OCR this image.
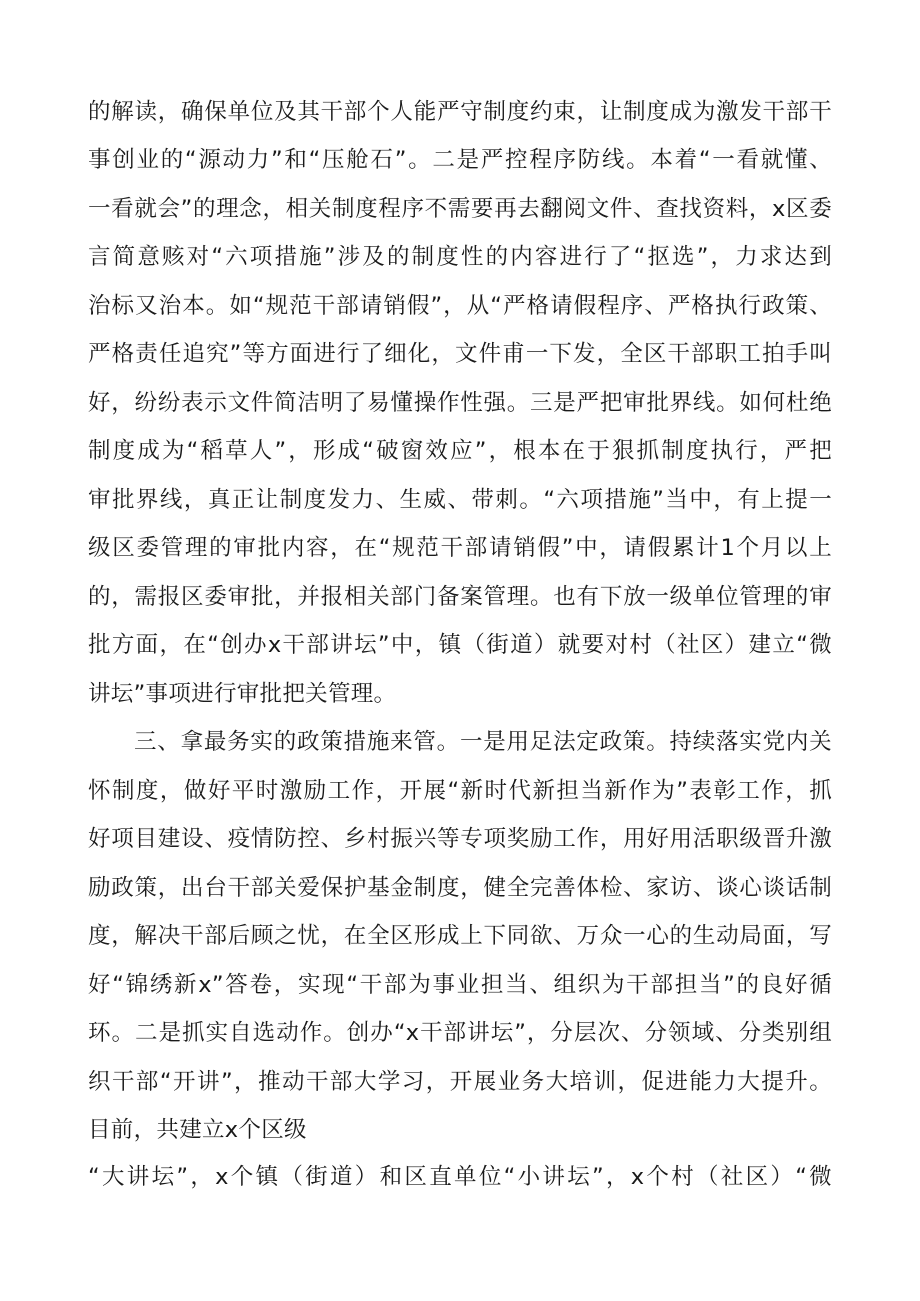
的解读，确保单位及其干部个人能严守制度约束，让制度成为激发干部干
事创业的“源动力”和“压舱石”。二是严控程序防线。本着“一看就懂、
一看就会”的理念，相关制度程序不需要再去翻阅文件、查找资料，x区委
言简意赅对“六项措施”涉及的制度性的内容进行了“抠选”，力求达到
治标又治本。如“规范干部请销假”，从“严格请假程序、严格执行政策、
严格责任追究”等方面进行了细化，文件甫一下发，全区干部职工拍手叫
好，纷纷表示文件简洁明了易懂操作性强。三是严把审批界线。如何杜绝
制度成为“稻草人”，形成“破窗效应”，根本在于狠抓制度执行，严把
审批界线，真正让制度发力、生威、带刺。“六项措施”当中，有上提一
级区委管理的审批内容，在“规范干部请销假”中，请假累计1个月以上
的，需报区委审批，并报相关部门备案管理。也有下放一级单位管理的审
批方面，在“创办x干部讲坛”中，镇（街道）就要对村（社区）建立“微
讲坛”事项进行审批把关管理。
三、拿最务实的政策措施来管。一是用足法定政策。持续落实党内关
怀制度，做好平时激励工作，开展“新时代新担当新作为”表彰工作，抓
好项目建设、疫情防控、乡村振兴等专项奖励工作，用好用活职级晋升激
励政策，出台干部关爱保护基金制度，健全完善体检、家访、谈心谈话制
度，解决干部后顾之忧，在全区形成上下同欲、万众一心的生动局面，写
好“锦绣新x”答卷，实现“干部为事业担当、组织为干部担当”的良好循
环。二是抓实自选动作。创办“x干部讲坛”，分层次、分领域、分类别组
织干部“开讲”，推动干部大学习，开展业务大培训，促进能力大提升。
目前，共建立x个区级
“大讲坛”，x个镇（街道）和区直单位“小讲坛”，x个村（社区）“微
